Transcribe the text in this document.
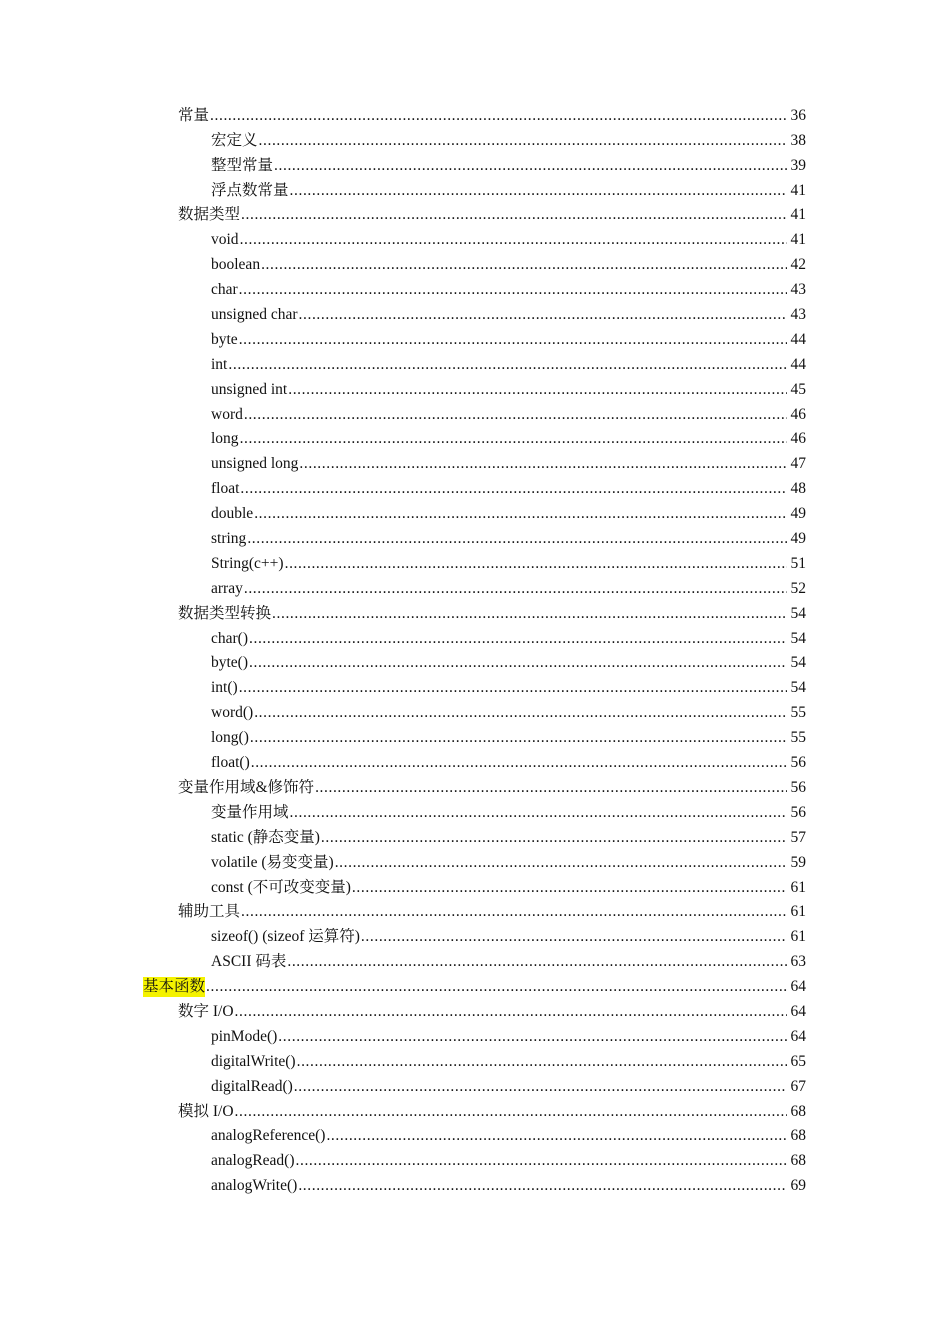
常量 .....	36
宏定义 .....	38
整型常量 .....	39
浮点数常量 .....	41
数据类型 .....	41
void .....	41
boolean .....	42
char .....	43
unsigned char .....	43
byte .....	44
int .....	44
unsigned int .....	45
word .....	46
long .....	46
unsigned long .....	47
float .....	48
double .....	49
string .....	49
String(c++) .....	51
array .....	52
数据类型转换 .....	54
char() .....	54
byte() .....	54
int() .....	54
word() .....	55
long() .....	55
float() .....	56
变量作用域&修饰符 .....	56
变量作用域 .....	56
static (静态变量) .....	57
volatile (易变变量) .....	59
const (不可改变变量) .....	61
辅助工具 .....	61
sizeof() (sizeof 运算符) .....	61
ASCII 码表 .....	63
基本函数 .....	64
数字 I/O .....	64
pinMode() .....	64
digitalWrite() .....	65
digitalRead() .....	67
模拟 I/O .....	68
analogReference() .....	68
analogRead() .....	68
analogWrite() .....	69
